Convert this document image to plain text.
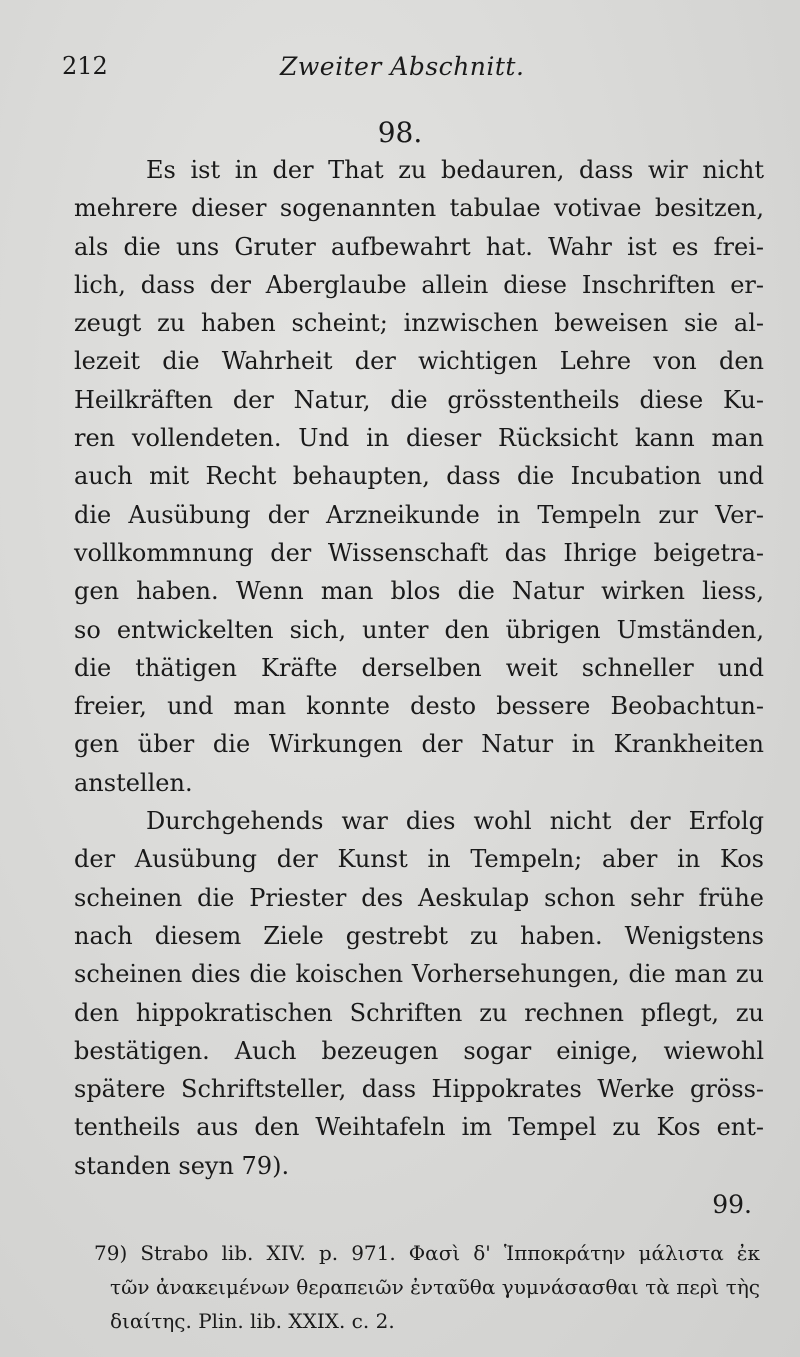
212	Zweiter Abschnitt.
98.
Es ist in der That zu bedauren, dass wir nicht
mehrere dieser sogenannten tabulae votivae besitzen,
als die uns Gruter aufbewahrt hat. Wahr ist es frei-
lich, dass der Aberglaube allein diese Inschriften er-
zeugt zu haben scheint; inzwischen beweisen sie al-
lezeit die Wahrheit der wichtigen Lehre von den
Heilkräften der Natur, die grösstentheils diese Ku-
ren vollendeten. Und in dieser Rücksicht kann man
auch mit Recht behaupten, dass die Incubation und
die Ausübung der Arzneikunde in Tempeln zur Ver-
vollkommnung der Wissenschaft das Ihrige beigetra-
gen haben. Wenn man blos die Natur wirken liess,
so entwickelten sich, unter den übrigen Umständen,
die thätigen Kräfte derselben weit schneller und
freier, und man konnte desto bessere Beobachtun-
gen über die Wirkungen der Natur in Krankheiten
anstellen.
Durchgehends war dies wohl nicht der Erfolg
der Ausübung der Kunst in Tempeln; aber in Kos
scheinen die Priester des Aeskulap schon sehr frühe
nach diesem Ziele gestrebt zu haben. Wenigstens
scheinen dies die koischen Vorhersehungen, die man zu
den hippokratischen Schriften zu rechnen pflegt, zu
bestätigen. Auch bezeugen sogar einige, wiewohl
spätere Schriftsteller, dass Hippokrates Werke gröss-
tentheils aus den Weihtafeln im Tempel zu Kos ent-
standen seyn 79).
99.
79) Strabo lib. XIV. p. 971. Φασὶ δ' Ἱπποκράτην μάλιστα ἐκ
τῶν ἀνακειμένων θεραπειῶν ἐνταῦθα γυμνάσασθαι τὰ περὶ τὴς
διαίτης. Plin. lib. XXIX. c. 2.
